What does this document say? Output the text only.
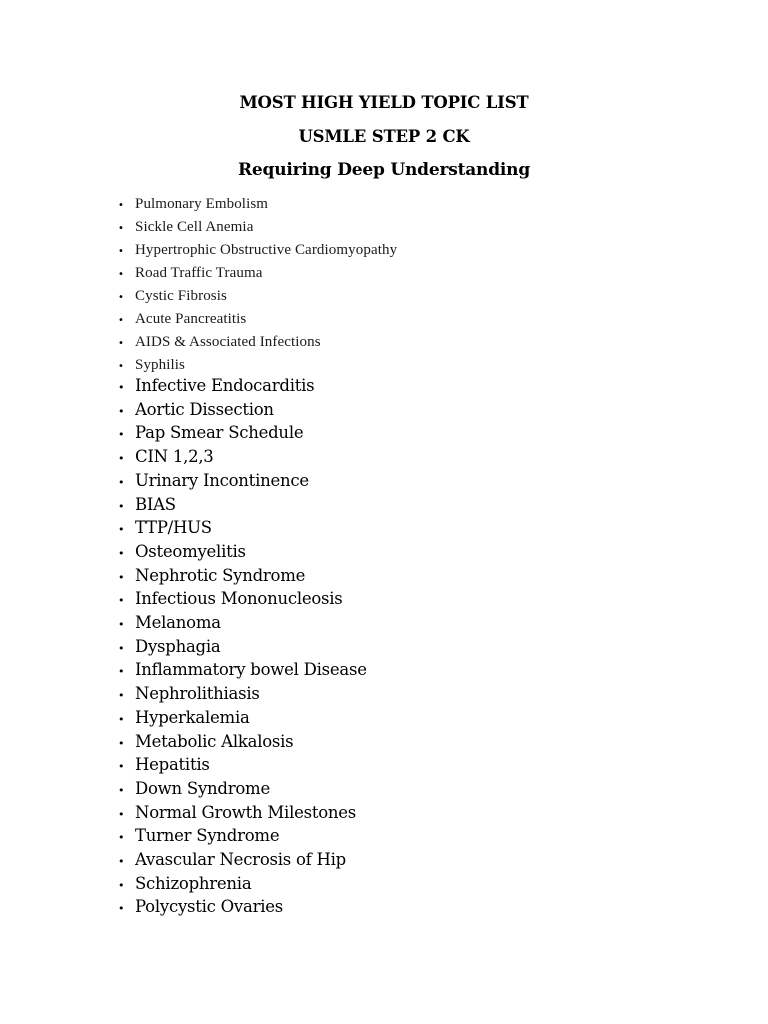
MOST HIGH YIELD TOPIC LIST
USMLE STEP 2 CK
Requiring Deep Understanding
• Pulmonary Embolism
• Sickle Cell Anemia
• Hypertrophic Obstructive Cardiomyopathy
• Road Traffic Trauma
• Cystic Fibrosis
• Acute Pancreatitis
• AIDS & Associated Infections
• Syphilis
• Infective Endocarditis
• Aortic Dissection
• Pap Smear Schedule
• CIN 1,2,3
• Urinary Incontinence
• BIAS
• TTP/HUS
• Osteomyelitis
• Nephrotic Syndrome
• Infectious Mononucleosis
• Melanoma
• Dysphagia
• Inflammatory bowel Disease
• Nephrolithiasis
• Hyperkalemia
• Metabolic Alkalosis
• Hepatitis
• Down Syndrome
• Normal Growth Milestones
• Turner Syndrome
• Avascular Necrosis of Hip
• Schizophrenia
• Polycystic Ovaries
